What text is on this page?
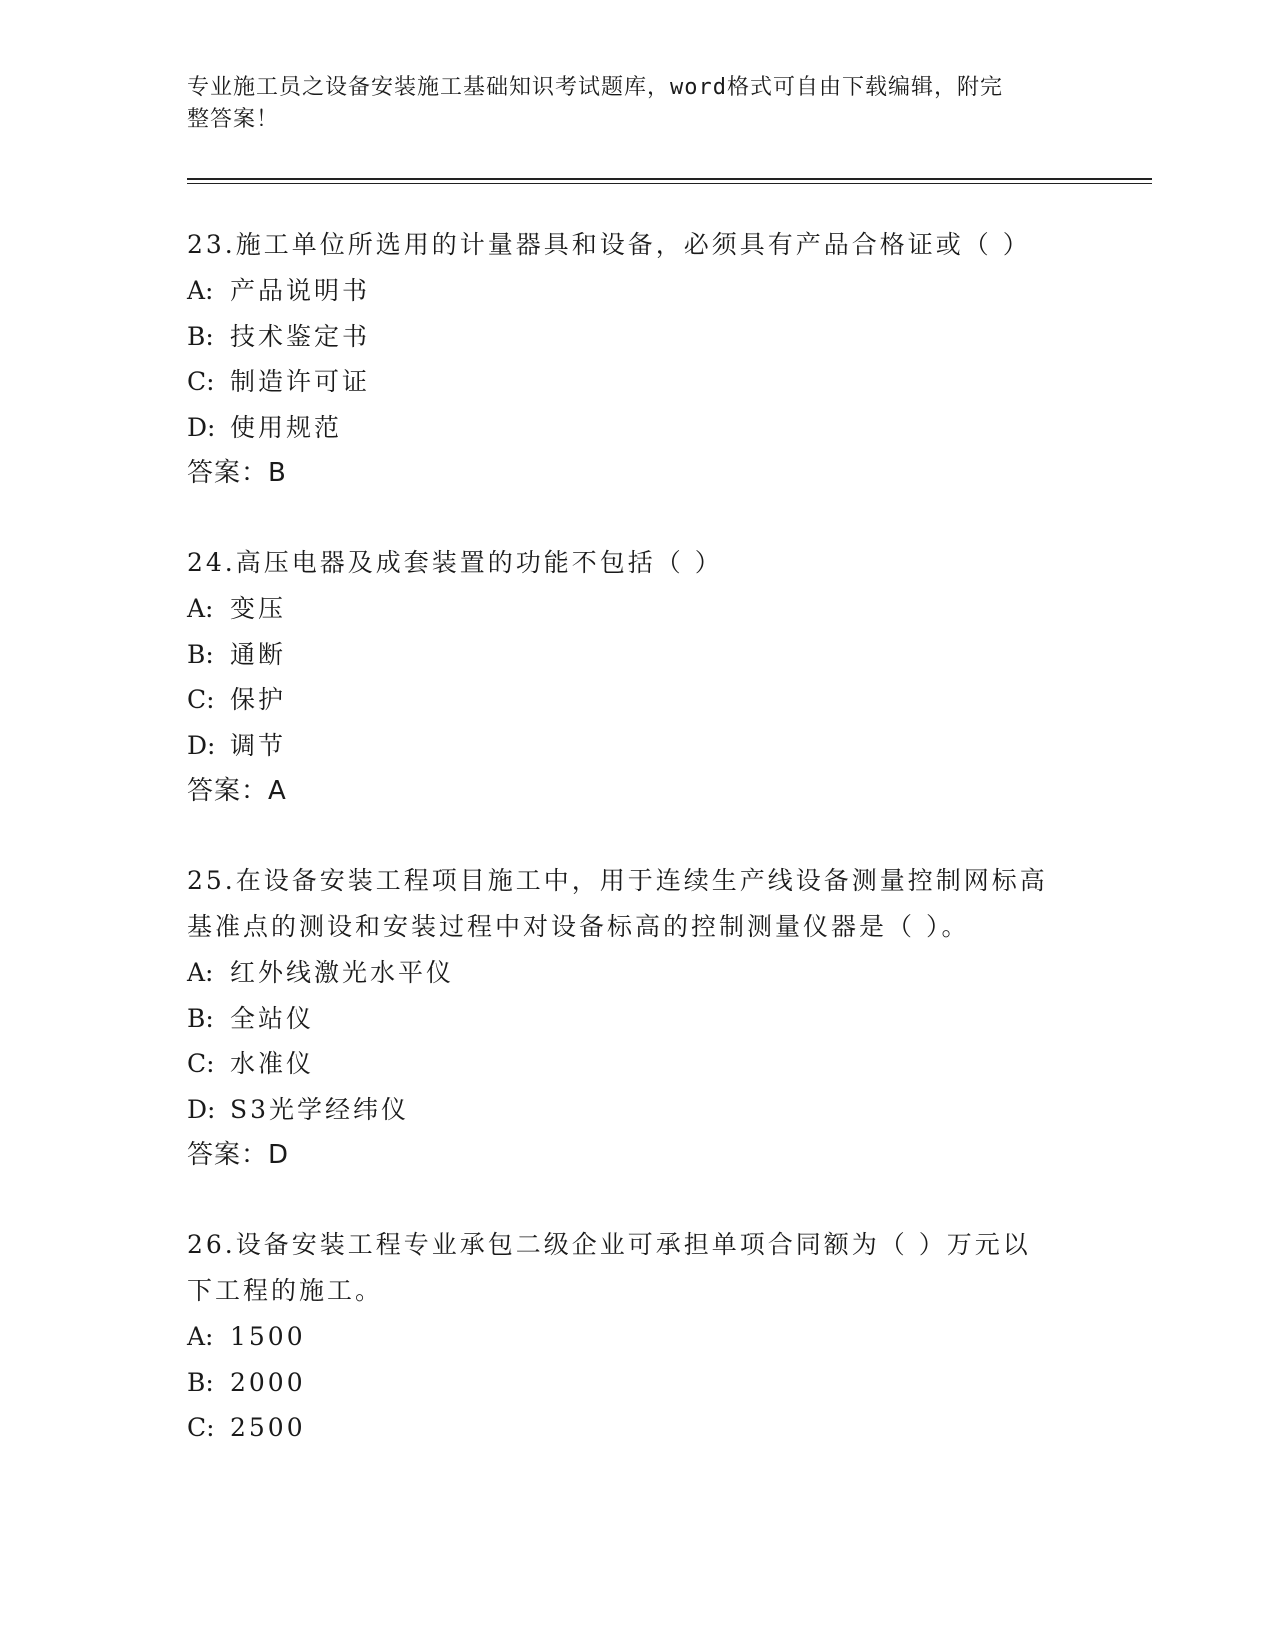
专业施工员之设备安装施工基础知识考试题库，word格式可自由下载编辑，附完
整答案！
23.施工单位所选用的计量器具和设备，必须具有产品合格证或（ ）
A: 产品说明书
B: 技术鉴定书
C: 制造许可证
D: 使用规范
答案：B
24.高压电器及成套装置的功能不包括（ ）
A: 变压
B: 通断
C: 保护
D: 调节
答案：A
25.在设备安装工程项目施工中，用于连续生产线设备测量控制网标高
基准点的测设和安装过程中对设备标高的控制测量仪器是（ ）。
A: 红外线激光水平仪
B: 全站仪
C: 水准仪
D: S3光学经纬仪
答案：D
26.设备安装工程专业承包二级企业可承担单项合同额为（ ）万元以
下工程的施工。
A: 1500
B: 2000
C: 2500
